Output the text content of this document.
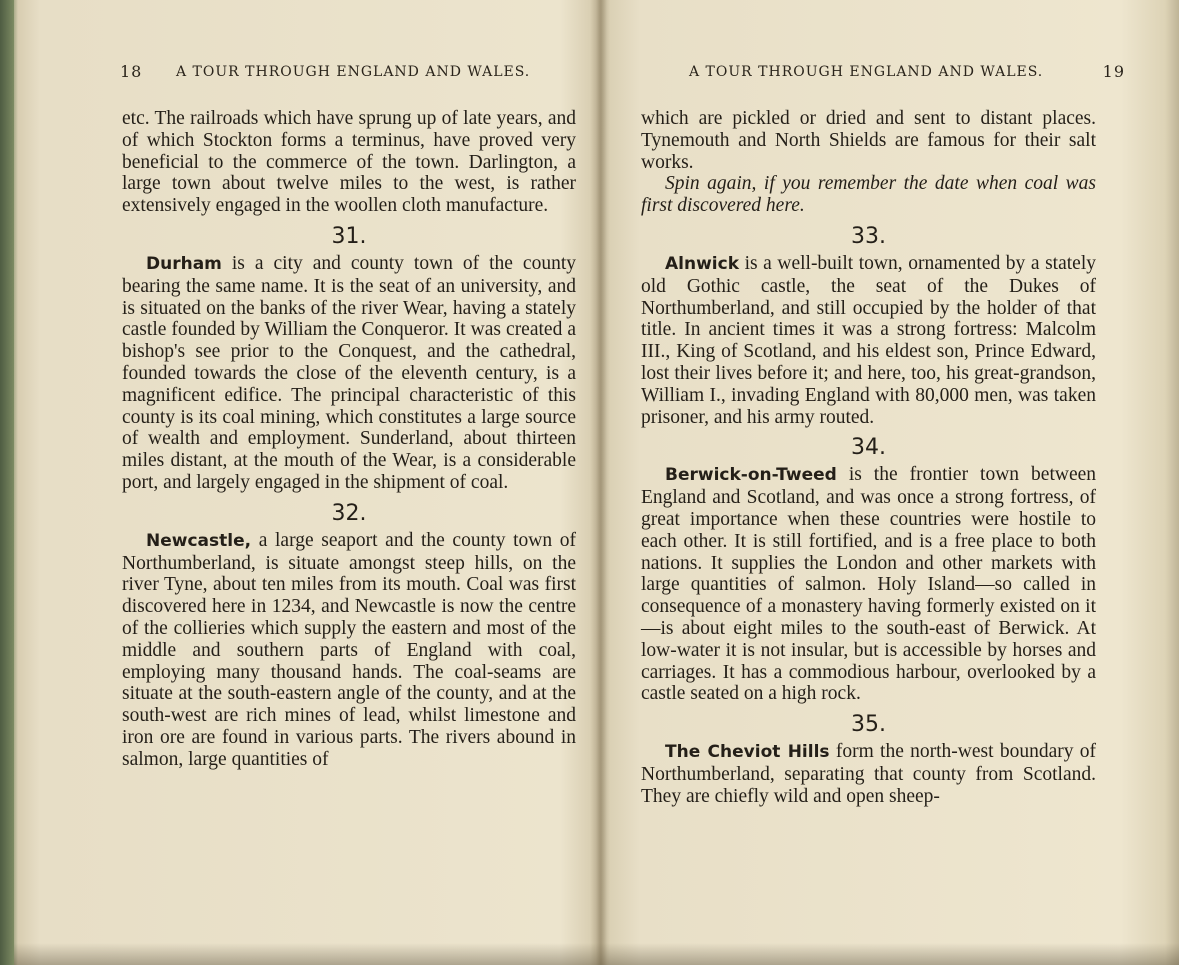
18 A TOUR THROUGH ENGLAND AND WALES.

etc. The railroads which have sprung up of late years, and of which Stockton forms a terminus, have proved very beneficial to the commerce of the town. Darlington, a large town about twelve miles to the west, is rather extensively engaged in the woollen cloth manufacture.

31.

Durham is a city and county town of the county bearing the same name. It is the seat of an university, and is situated on the banks of the river Wear, having a stately castle founded by William the Conqueror. It was created a bishop's see prior to the Conquest, and the cathedral, founded towards the close of the eleventh century, is a magnificent edifice. The principal characteristic of this county is its coal mining, which constitutes a large source of wealth and employment. Sunderland, about thirteen miles distant, at the mouth of the Wear, is a considerable port, and largely engaged in the shipment of coal.

32.

Newcastle, a large seaport and the county town of Northumberland, is situate amongst steep hills, on the river Tyne, about ten miles from its mouth. Coal was first discovered here in 1234, and Newcastle is now the centre of the collieries which supply the eastern and most of the middle and southern parts of England with coal, employing many thousand hands. The coal-seams are situate at the south-eastern angle of the county, and at the south-west are rich mines of lead, whilst limestone and iron ore are found in various parts. The rivers abound in salmon, large quantities of

A TOUR THROUGH ENGLAND AND WALES.	19

which are pickled or dried and sent to distant places. Tynemouth and North Shields are famous for their salt works.

Spin again, if you remember the date when coal was first discovered here.

33.

Alnwick is a well-built town, ornamented by a stately old Gothic castle, the seat of the Dukes of Northumberland, and still occupied by the holder of that title. In ancient times it was a strong fortress: Malcolm III., King of Scotland, and his eldest son, Prince Edward, lost their lives before it; and here, too, his great-grandson, William I., invading England with 80,000 men, was taken prisoner, and his army routed.

34.

Berwick-on-Tweed is the frontier town between England and Scotland, and was once a strong fortress, of great importance when these countries were hostile to each other. It is still fortified, and is a free place to both nations. It supplies the London and other markets with large quantities of salmon. Holy Island—so called in consequence of a monastery having formerly existed on it—is about eight miles to the south-east of Berwick. At low-water it is not insular, but is accessible by horses and carriages. It has a commodious harbour, overlooked by a castle seated on a high rock.

35.

The Cheviot Hills form the north-west boundary of Northumberland, separating that county from Scotland. They are chiefly wild and open sheep-
